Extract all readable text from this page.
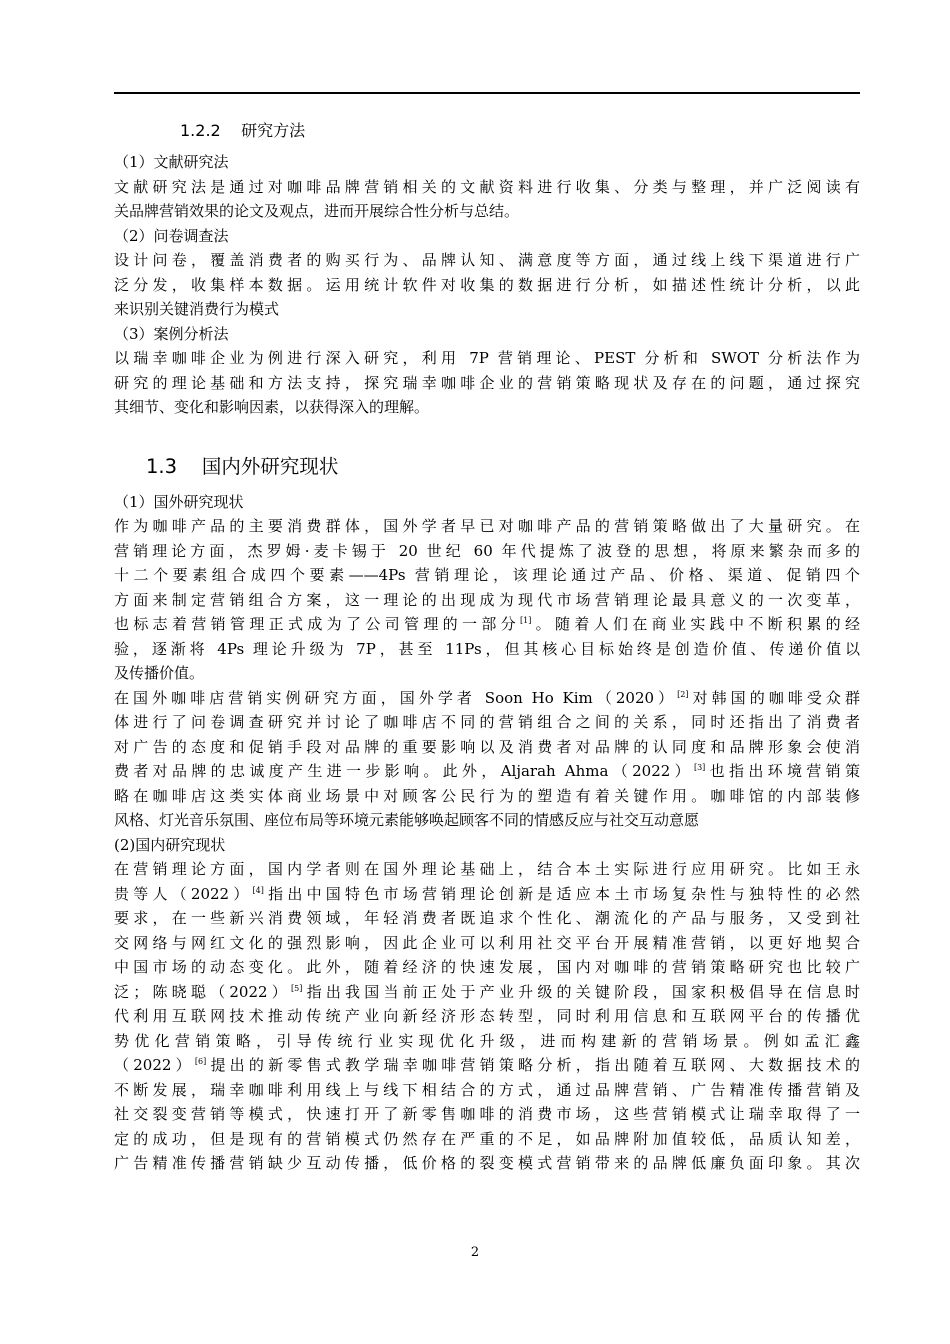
1.2.2 研究方法

（1）文献研究法

文献研究法是通过对咖啡品牌营销相关的文献资料进行收集、分类与整理，并广泛阅读有
关品牌营销效果的论文及观点，进而开展综合性分析与总结。

（2）问卷调查法

设计问卷，覆盖消费者的购买行为、品牌认知、满意度等方面，通过线上线下渠道进行广
泛分发，收集样本数据。运用统计软件对收集的数据进行分析，如描述性统计分析，以此
来识别关键消费行为模式

（3）案例分析法

以瑞幸咖啡企业为例进行深入研究，利用 7P 营销理论、PEST 分析和 SWOT 分析法作为
研究的理论基础和方法支持，探究瑞幸咖啡企业的营销策略现状及存在的问题，通过探究
其细节、变化和影响因素，以获得深入的理解。
1.3 国内外研究现状

（1）国外研究现状

作为咖啡产品的主要消费群体，国外学者早已对咖啡产品的营销策略做出了大量研究。在
营销理论方面，杰罗姆·麦卡锡于 20 世纪 60 年代提炼了波登的思想，将原来繁杂而多的
十二个要素组合成四个要素——4Ps 营销理论，该理论通过产品、价格、渠道、促销四个
方面来制定营销组合方案，这一理论的出现成为现代市场营销理论最具意义的一次变革，
也标志着营销管理正式成为了公司管理的一部分[1]。随着人们在商业实践中不断积累的经
验，逐渐将 4Ps 理论升级为 7P，甚至 11Ps，但其核心目标始终是创造价值、传递价值以
及传播价值。
在国外咖啡店营销实例研究方面，国外学者 Soon Ho Kim（2020）[2]对韩国的咖啡受众群
体进行了问卷调查研究并讨论了咖啡店不同的营销组合之间的关系，同时还指出了消费者
对广告的态度和促销手段对品牌的重要影响以及消费者对品牌的认同度和品牌形象会使消
费者对品牌的忠诚度产生进一步影响。此外，Aljarah Ahma（2022）[3]也指出环境营销策
略在咖啡店这类实体商业场景中对顾客公民行为的塑造有着关键作用。咖啡馆的内部装修
风格、灯光音乐氛围、座位布局等环境元素能够唤起顾客不同的情感反应与社交互动意愿

(2)国内研究现状

在营销理论方面，国内学者则在国外理论基础上，结合本土实际进行应用研究。比如王永
贵等人（2022）[4]指出中国特色市场营销理论创新是适应本土市场复杂性与独特性的必然
要求，在一些新兴消费领域，年轻消费者既追求个性化、潮流化的产品与服务，又受到社
交网络与网红文化的强烈影响，因此企业可以利用社交平台开展精准营销，以更好地契合
中国市场的动态变化。此外，随着经济的快速发展，国内对咖啡的营销策略研究也比较广
泛；陈晓聪（2022）[5]指出我国当前正处于产业升级的关键阶段，国家积极倡导在信息时
代利用互联网技术推动传统产业向新经济形态转型，同时利用信息和互联网平台的传播优
势优化营销策略，引导传统行业实现优化升级，进而构建新的营销场景。例如孟汇鑫
（2022）[6]提出的新零售式教学瑞幸咖啡营销策略分析，指出随着互联网、大数据技术的
不断发展，瑞幸咖啡利用线上与线下相结合的方式，通过品牌营销、广告精准传播营销及
社交裂变营销等模式，快速打开了新零售咖啡的消费市场，这些营销模式让瑞幸取得了一
定的成功，但是现有的营销模式仍然存在严重的不足，如品牌附加值较低，品质认知差，
广告精准传播营销缺少互动传播，低价格的裂变模式营销带来的品牌低廉负面印象。其次
2
